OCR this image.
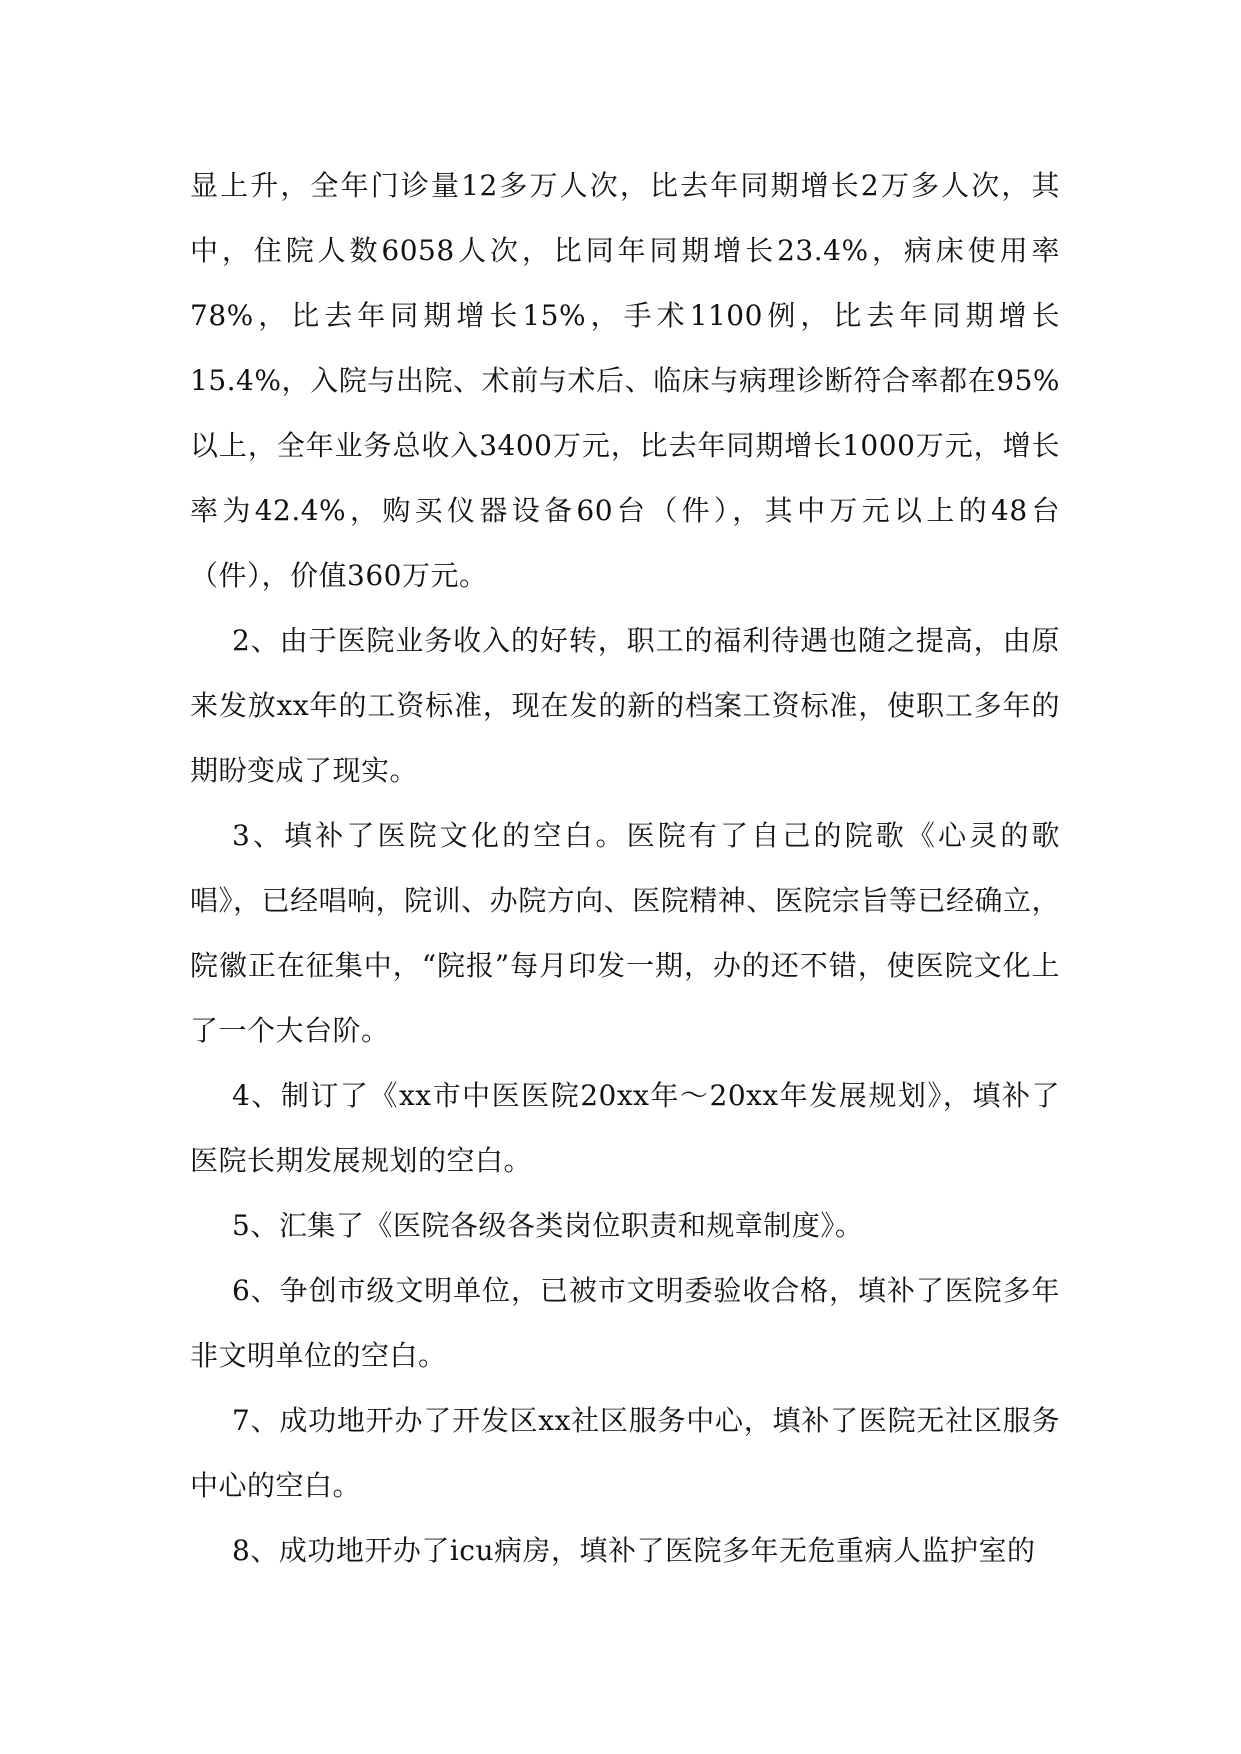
显上升，全年门诊量12多万人次，比去年同期增长2万多人次，其中，住院人数6058人次，比同年同期增长23.4%，病床使用率78%，比去年同期增长15%，手术1100例，比去年同期增长15.4%，入院与出院、术前与术后、临床与病理诊断符合率都在95%以上，全年业务总收入3400万元，比去年同期增长1000万元，增长率为42.4%，购买仪器设备60台（件），其中万元以上的48台（件），价值360万元。

2、由于医院业务收入的好转，职工的福利待遇也随之提高，由原来发放xx年的工资标准，现在发的新的档案工资标准，使职工多年的期盼变成了现实。

3、填补了医院文化的空白。医院有了自己的院歌《心灵的歌唱》，已经唱响，院训、办院方向、医院精神、医院宗旨等已经确立，院徽正在征集中，“院报”每月印发一期，办的还不错，使医院文化上了一个大台阶。

4、制订了《xx市中医医院20xx年～20xx年发展规划》，填补了医院长期发展规划的空白。

5、汇集了《医院各级各类岗位职责和规章制度》。

6、争创市级文明单位，已被市文明委验收合格，填补了医院多年非文明单位的空白。

7、成功地开办了开发区xx社区服务中心，填补了医院无社区服务中心的空白。

8、成功地开办了icu病房，填补了医院多年无危重病人监护室的
